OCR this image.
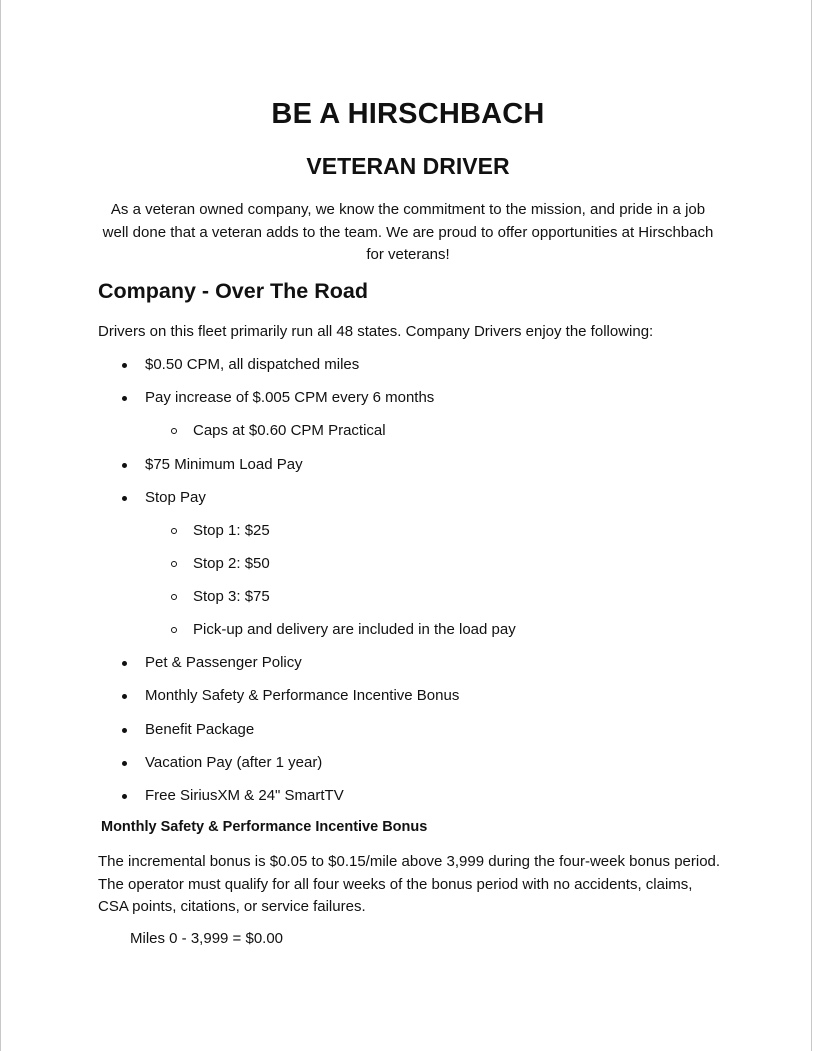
BE A HIRSCHBACH
VETERAN DRIVER
As a veteran owned company, we know the commitment to the mission, and pride in a job well done that a veteran adds to the team. We are proud to offer opportunities at Hirschbach for veterans!
Company - Over The Road
Drivers on this fleet primarily run all 48 states. Company Drivers enjoy the following:
$0.50 CPM, all dispatched miles
Pay increase of $.005 CPM every 6 months
Caps at $0.60 CPM Practical
$75 Minimum Load Pay
Stop Pay
Stop 1: $25
Stop 2: $50
Stop 3: $75
Pick-up and delivery are included in the load pay
Pet & Passenger Policy
Monthly Safety & Performance Incentive Bonus
Benefit Package
Vacation Pay (after 1 year)
Free SiriusXM & 24" SmartTV
Monthly Safety & Performance Incentive Bonus
The incremental bonus is $0.05 to $0.15/mile above 3,999 during the four-week bonus period. The operator must qualify for all four weeks of the bonus period with no accidents, claims, CSA points, citations, or service failures.
Miles 0 - 3,999 = $0.00
